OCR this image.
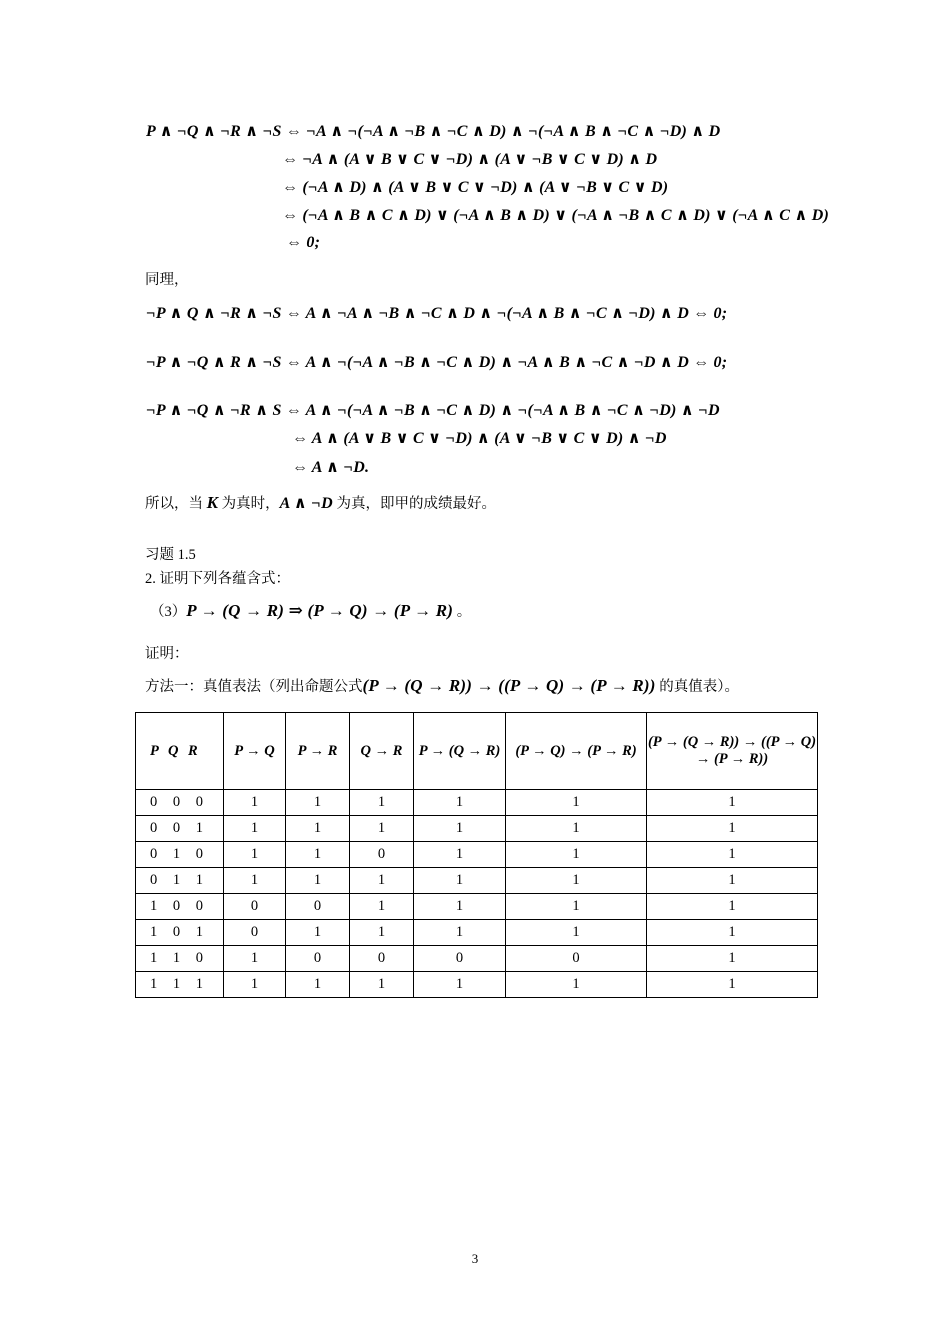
P ∧ ¬Q ∧ ¬R ∧ ¬S ⇔ ¬A ∧ ¬(¬A ∧ ¬B ∧ ¬C ∧ D) ∧ ¬(¬A ∧ B ∧ ¬C ∧ ¬D) ∧ D
⇔ ¬A ∧ (A ∨ B ∨ C ∨ ¬D) ∧ (A ∨ ¬B ∨ C ∨ D) ∧ D
⇔ (¬A ∧ D) ∧ (A ∨ B ∨ C ∨ ¬D) ∧ (A ∨ ¬B ∨ C ∨ D)
⇔ (¬A ∧ B ∧ C ∧ D) ∨ (¬A ∧ B ∧ D) ∨ (¬A ∧ ¬B ∧ C ∧ D) ∨ (¬A ∧ C ∧ D)
⇔ 0;
同理，
¬P ∧ Q ∧ ¬R ∧ ¬S ⇔ A ∧ ¬A ∧ ¬B ∧ ¬C ∧ D ∧ ¬(¬A ∧ B ∧ ¬C ∧ ¬D) ∧ D ⇔ 0;
¬P ∧ ¬Q ∧ R ∧ ¬S ⇔ A ∧ ¬(¬A ∧ ¬B ∧ ¬C ∧ D) ∧ ¬A ∧ B ∧ ¬C ∧ ¬D ∧ D ⇔ 0;
¬P ∧ ¬Q ∧ ¬R ∧ S ⇔ A ∧ ¬(¬A ∧ ¬B ∧ ¬C ∧ D) ∧ ¬(¬A ∧ B ∧ ¬C ∧ ¬D) ∧ ¬D
⇔ A ∧ (A ∨ B ∨ C ∨ ¬D) ∧ (A ∨ ¬B ∨ C ∨ D) ∧ ¬D
⇔ A ∧ ¬D.
所以，当 K 为真时，A ∧ ¬D 为真，即甲的成绩最好。
习题 1.5
2. 证明下列各蕴含式：
（3）P → (Q → R) ⇒ (P → Q) → (P → R) 。
证明：
方法一：真值表法（列出命题公式(P → (Q → R)) → ((P → Q) → (P → R)) 的真值表）。
P Q R	P → Q	P → R	Q → R	P → (Q → R)	(P → Q) → (P → R)	(P → (Q → R)) → ((P → Q) → (P → R))
0 0 0	1	1	1	1	1	1
0 0 1	1	1	1	1	1	1
0 1 0	1	1	0	1	1	1
0 1 1	1	1	1	1	1	1
1 0 0	0	0	1	1	1	1
1 0 1	0	1	1	1	1	1
1 1 0	1	0	0	0	0	1
1 1 1	1	1	1	1	1	1
3
